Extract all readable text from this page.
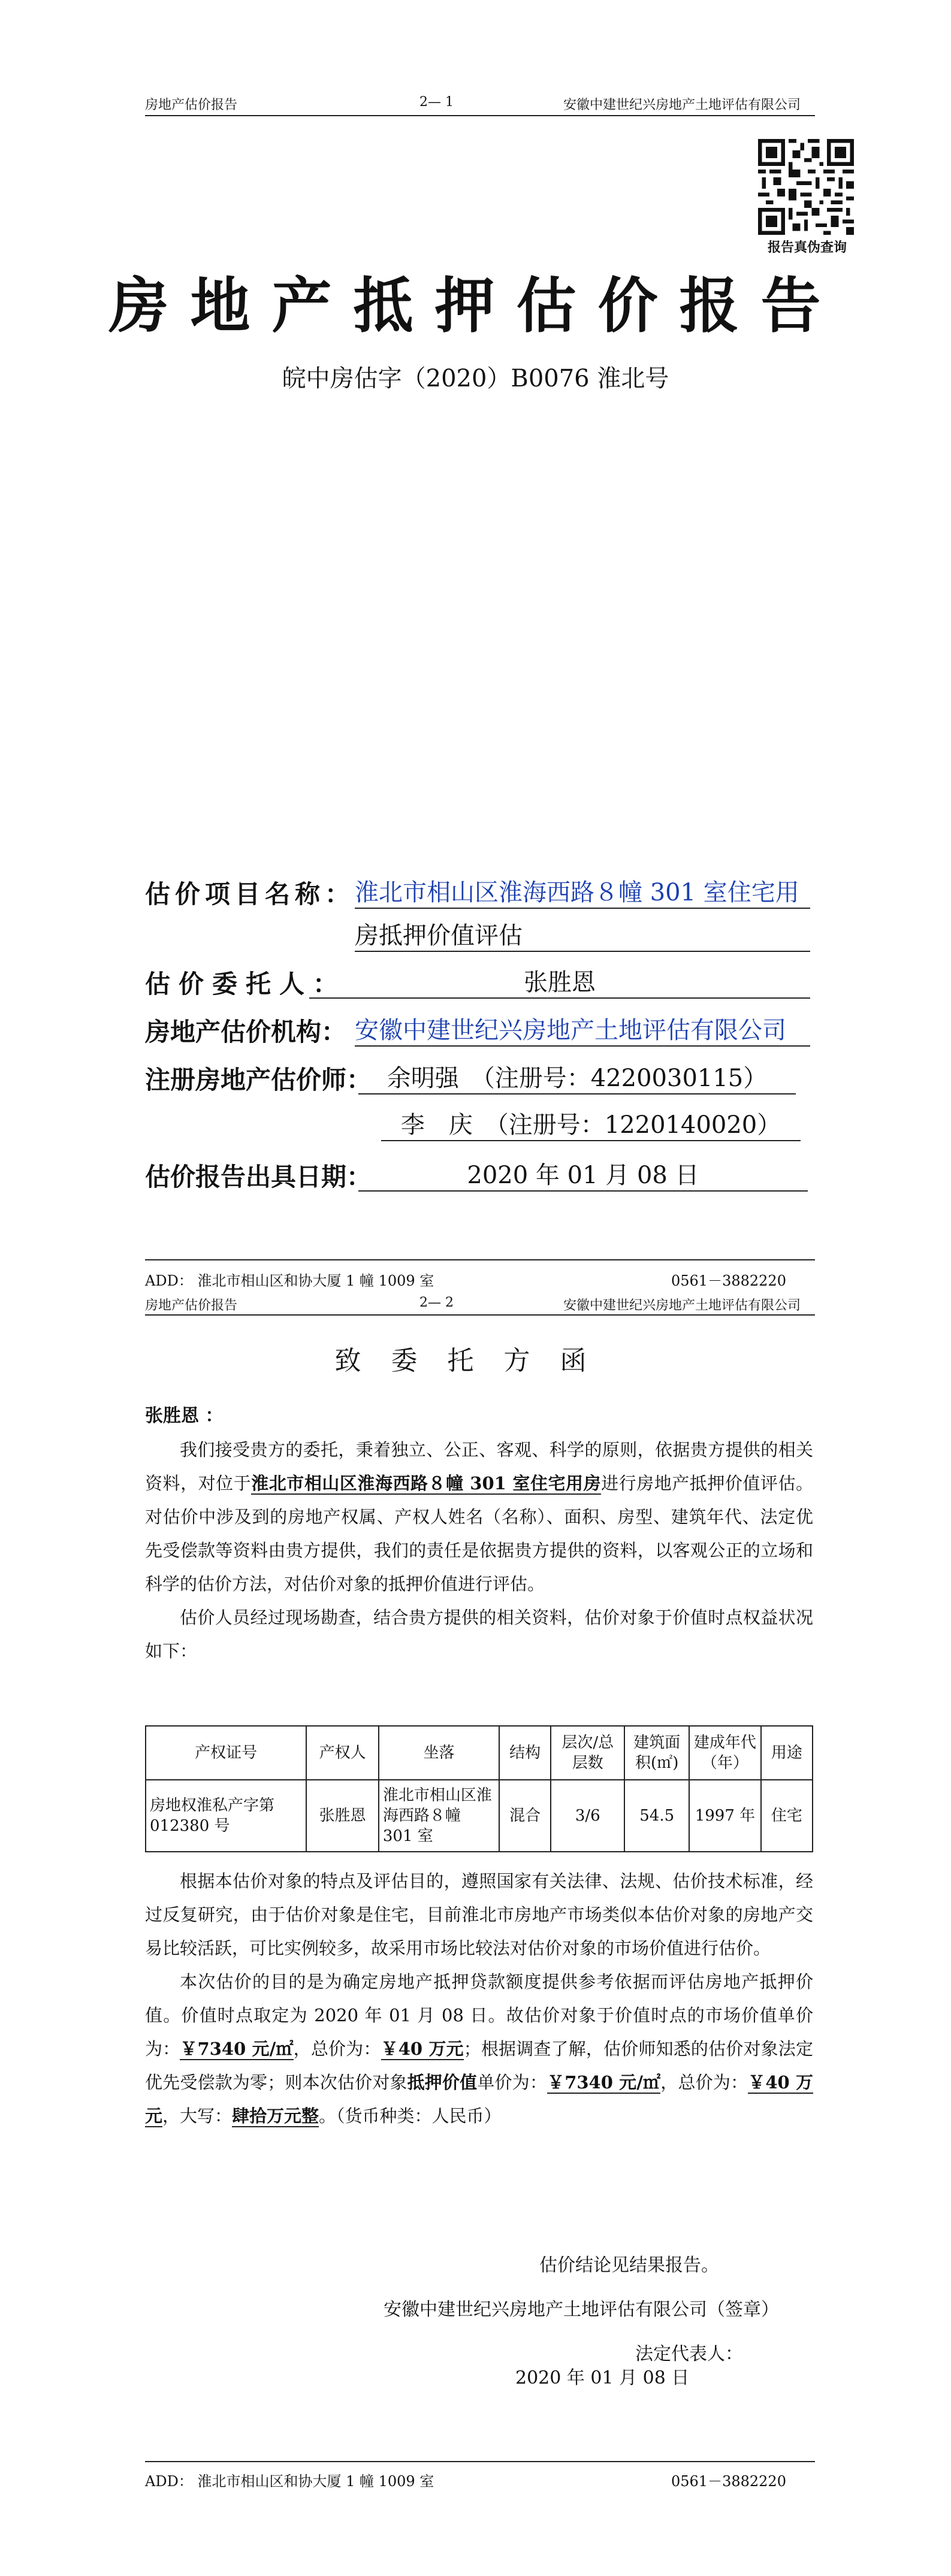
房地产估价报告	2— 1	安徽中建世纪兴房地产土地评估有限公司
报告真伪查询
房地产抵押估价报告
皖中房估字（2020）B0076 淮北号
估价项目名称： 淮北市相山区淮海西路８幢 301 室住宅用
房抵押价值评估
估价委托人：	张胜恩
房地产估价机构： 安徽中建世纪兴房地产土地评估有限公司
注册房地产估价师： 余明强　（注册号：4220030115）
李　庆　（注册号：1220140020）
估价报告出具日期：	2020 年 01 月 08 日
ADD： 淮北市相山区和协大厦 1 幢 1009 室	0561－3882220
房地产估价报告	2— 2	安徽中建世纪兴房地产土地评估有限公司
致委托方函
张胜恩 ：

我们接受贵方的委托，秉着独立、公正、客观、科学的原则，依据贵方提供的相关资料，对位于淮北市相山区淮海西路８幢 301 室住宅用房进行房地产抵押价值评估。对估价中涉及到的房地产权属、产权人姓名（名称）、面积、房型、建筑年代、法定优先受偿款等资料由贵方提供，我们的责任是依据贵方提供的资料，以客观公正的立场和科学的估价方法，对估价对象的抵押价值进行评估。

估价人员经过现场勘查，结合贵方提供的相关资料，估价对象于价值时点权益状况如下：

产权证号	产权人	坐落	结构	层次/总层数	建筑面积(㎡)	建成年代（年）	用途
房地权淮私产字第 012380 号	张胜恩	淮北市相山区淮海西路８幢 301 室	混合	3/6	54.5	1997 年	住宅

根据本估价对象的特点及评估目的，遵照国家有关法律、法规、估价技术标准，经过反复研究，由于估价对象是住宅，目前淮北市房地产市场类似本估价对象的房地产交易比较活跃，可比实例较多，故采用市场比较法对估价对象的市场价值进行估价。

本次估价的目的是为确定房地产抵押贷款额度提供参考依据而评估房地产抵押价值。价值时点取定为 2020 年 01 月 08 日。故估价对象于价值时点的市场价值单价为：￥7340 元/㎡，总价为：￥40 万元；根据调查了解，估价师知悉的估价对象法定优先受偿款为零；则本次估价对象抵押价值单价为：￥7340 元/㎡，总价为：￥40 万元，大写：肆拾万元整。（货币种类：人民币）

估价结论见结果报告。
安徽中建世纪兴房地产土地评估有限公司（签章）
法定代表人：
2020 年 01 月 08 日
ADD： 淮北市相山区和协大厦 1 幢 1009 室	0561－3882220
